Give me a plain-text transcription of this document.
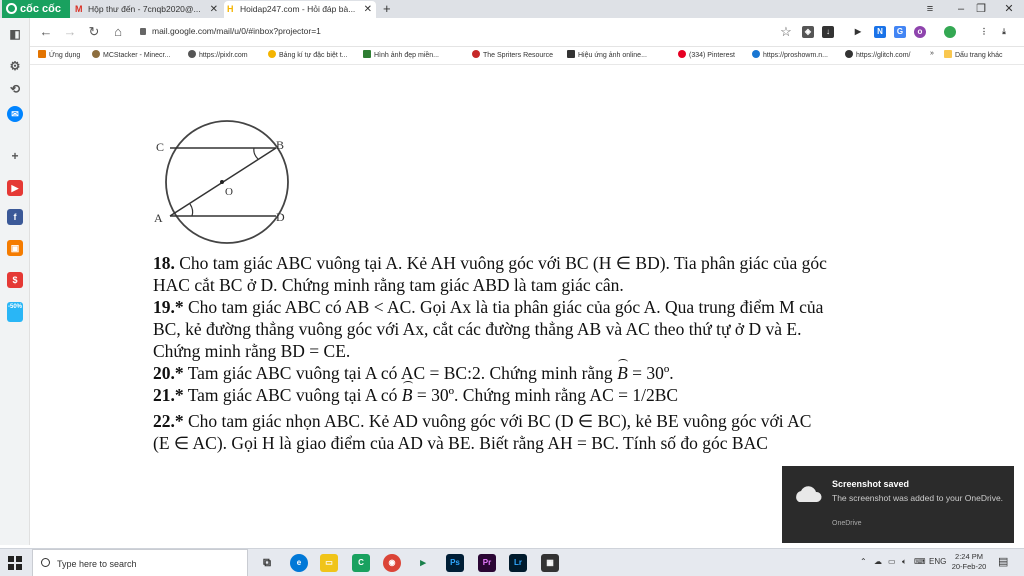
cốc cốc	M Hộp thư đến - 7cnqb2020@... ✕ H Hoidap247.com - Hỏi đáp bà... ✕ +	≡	–	❐	✕
← → ↻	⌂	mail.google.com/mail/u/0/#inbox?projector=1	☆	◈	↓	▶	N	G	o	⋮	⤓
Ứng dụng	MCStacker - Minecr...	https://pixlr.com	Bảng kí tự đặc biệt t...	Hình ảnh đẹp miền...	The Spriters Resource	Hiệu ứng ảnh online...	(334) Pinterest	https://proshowm.n...	https://glitch.com/	»	Dấu trang khác
◧
⚙
⟲
✉
+
▶
f
▣
$
-50%
C	B
A	D
O

18. Cho tam giác ABC vuông tại A. Kẻ AH vuông góc với BC (H ∈ BD). Tia phân giác của góc

HAC cắt BC ở D. Chứng minh rằng tam giác ABD là tam giác cân.

19.* Cho tam giác ABC có AB < AC. Gọi Ax là tia phân giác của góc A. Qua trung điểm M của

BC, kẻ đường thẳng vuông góc với Ax, cắt các đường thẳng AB và AC theo thứ tự ở D và E.

Chứng minh rằng BD = CE.

20.* Tam giác ABC vuông tại A có AC = BC:2. Chứng minh rằng B = 30º.

21.* Tam giác ABC vuông tại A có B = 30º. Chứng minh rằng AC = 1/2BC

22.* Cho tam giác nhọn ABC. Kẻ AD vuông góc với BC (D ∈ BC), kẻ BE vuông góc với AC

(E ∈ AC). Gọi H là giao điểm của AD và BE. Biết rằng AH = BC. Tính số đo góc BAC

Screenshot saved
The screenshot was added to your OneDrive.
OneDrive
Type here to search	⧉	e	▭	C	◉	▸	Ps	Pr	Lr	▦	⌃ ☁ ▭ 🔈︎ ⌨ ENG
2:24 PM
20-Feb-20	▤
